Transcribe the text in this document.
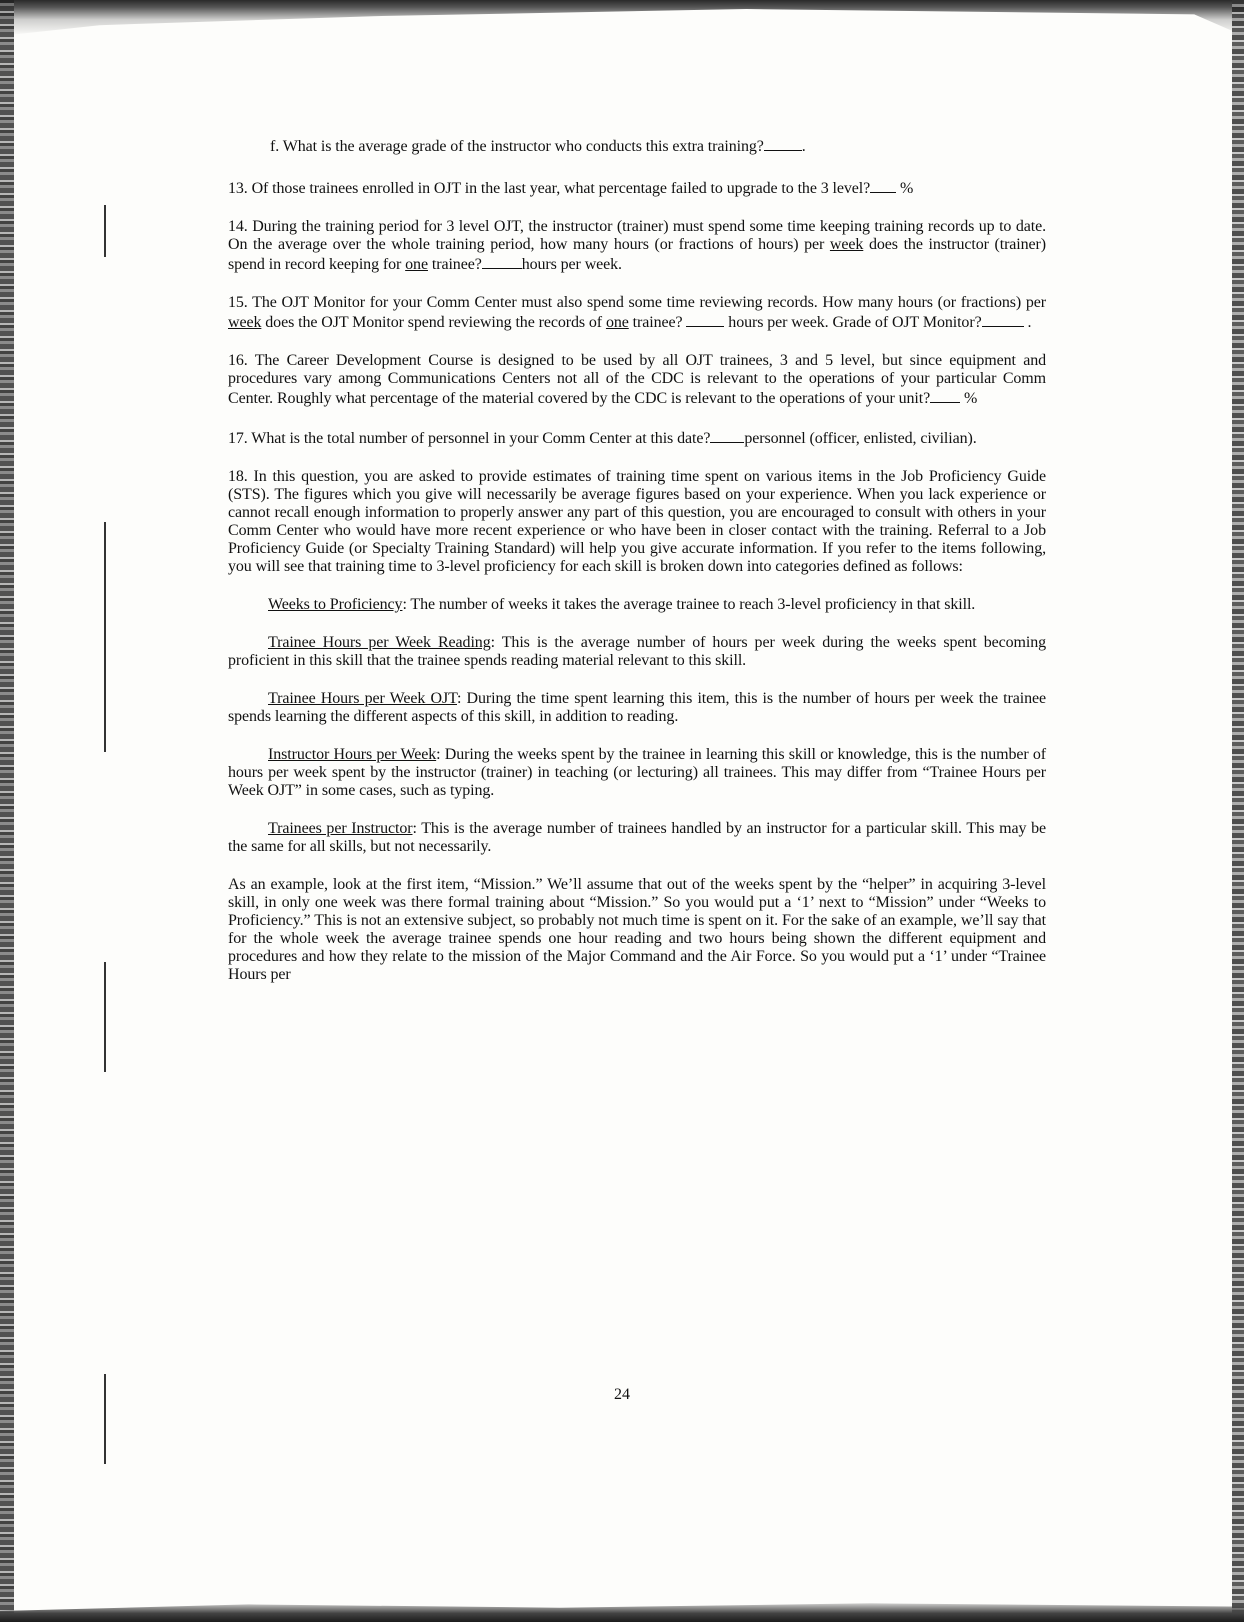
f. What is the average grade of the instructor who conducts this extra training? .

13. Of those trainees enrolled in OJT in the last year, what percentage failed to upgrade to the 3 level? %

14. During the training period for 3 level OJT, the instructor (trainer) must spend some time keeping training records up to date. On the average over the whole training period, how many hours (or fractions of hours) per week does the instructor (trainer) spend in record keeping for one trainee?	hours per week.

15. The OJT Monitor for your Comm Center must also spend some time reviewing records. How many hours (or fractions) per week does the OJT Monitor spend reviewing the records of one trainee?	hours per week. Grade of OJT Monitor?	.

16. The Career Development Course is designed to be used by all OJT trainees, 3 and 5 level, but since equipment and procedures vary among Communications Centers not all of the CDC is relevant to the operations of your particular Comm Center. Roughly what percentage of the material covered by the CDC is relevant to the operations of your unit? %

17. What is the total number of personnel in your Comm Center at this date? personnel (officer, enlisted, civilian).

18. In this question, you are asked to provide estimates of training time spent on various items in the Job Proficiency Guide (STS). The figures which you give will necessarily be average figures based on your experience. When you lack experience or cannot recall enough information to properly answer any part of this question, you are encouraged to consult with others in your Comm Center who would have more recent experience or who have been in closer contact with the training. Referral to a Job Proficiency Guide (or Specialty Training Standard) will help you give accurate information. If you refer to the items following, you will see that training time to 3-level proficiency for each skill is broken down into categories defined as follows:

Weeks to Proficiency: The number of weeks it takes the average trainee to reach 3-level proficiency in that skill.

Trainee Hours per Week Reading: This is the average number of hours per week during the weeks spent becoming proficient in this skill that the trainee spends reading material relevant to this skill.

Trainee Hours per Week OJT: During the time spent learning this item, this is the number of hours per week the trainee spends learning the different aspects of this skill, in addition to reading.

Instructor Hours per Week: During the weeks spent by the trainee in learning this skill or knowledge, this is the number of hours per week spent by the instructor (trainer) in teaching (or lecturing) all trainees. This may differ from “Trainee Hours per Week OJT” in some cases, such as typing.

Trainees per Instructor: This is the average number of trainees handled by an instructor for a particular skill. This may be the same for all skills, but not necessarily.

As an example, look at the first item, “Mission.” We’ll assume that out of the weeks spent by the “helper” in acquiring 3-level skill, in only one week was there formal training about “Mission.” So you would put a ‘1’ next to “Mission” under “Weeks to Proficiency.” This is not an extensive subject, so probably not much time is spent on it. For the sake of an example, we’ll say that for the whole week the average trainee spends one hour reading and two hours being shown the different equipment and procedures and how they relate to the mission of the Major Command and the Air Force. So you would put a ‘1’ under “Trainee Hours per

24
